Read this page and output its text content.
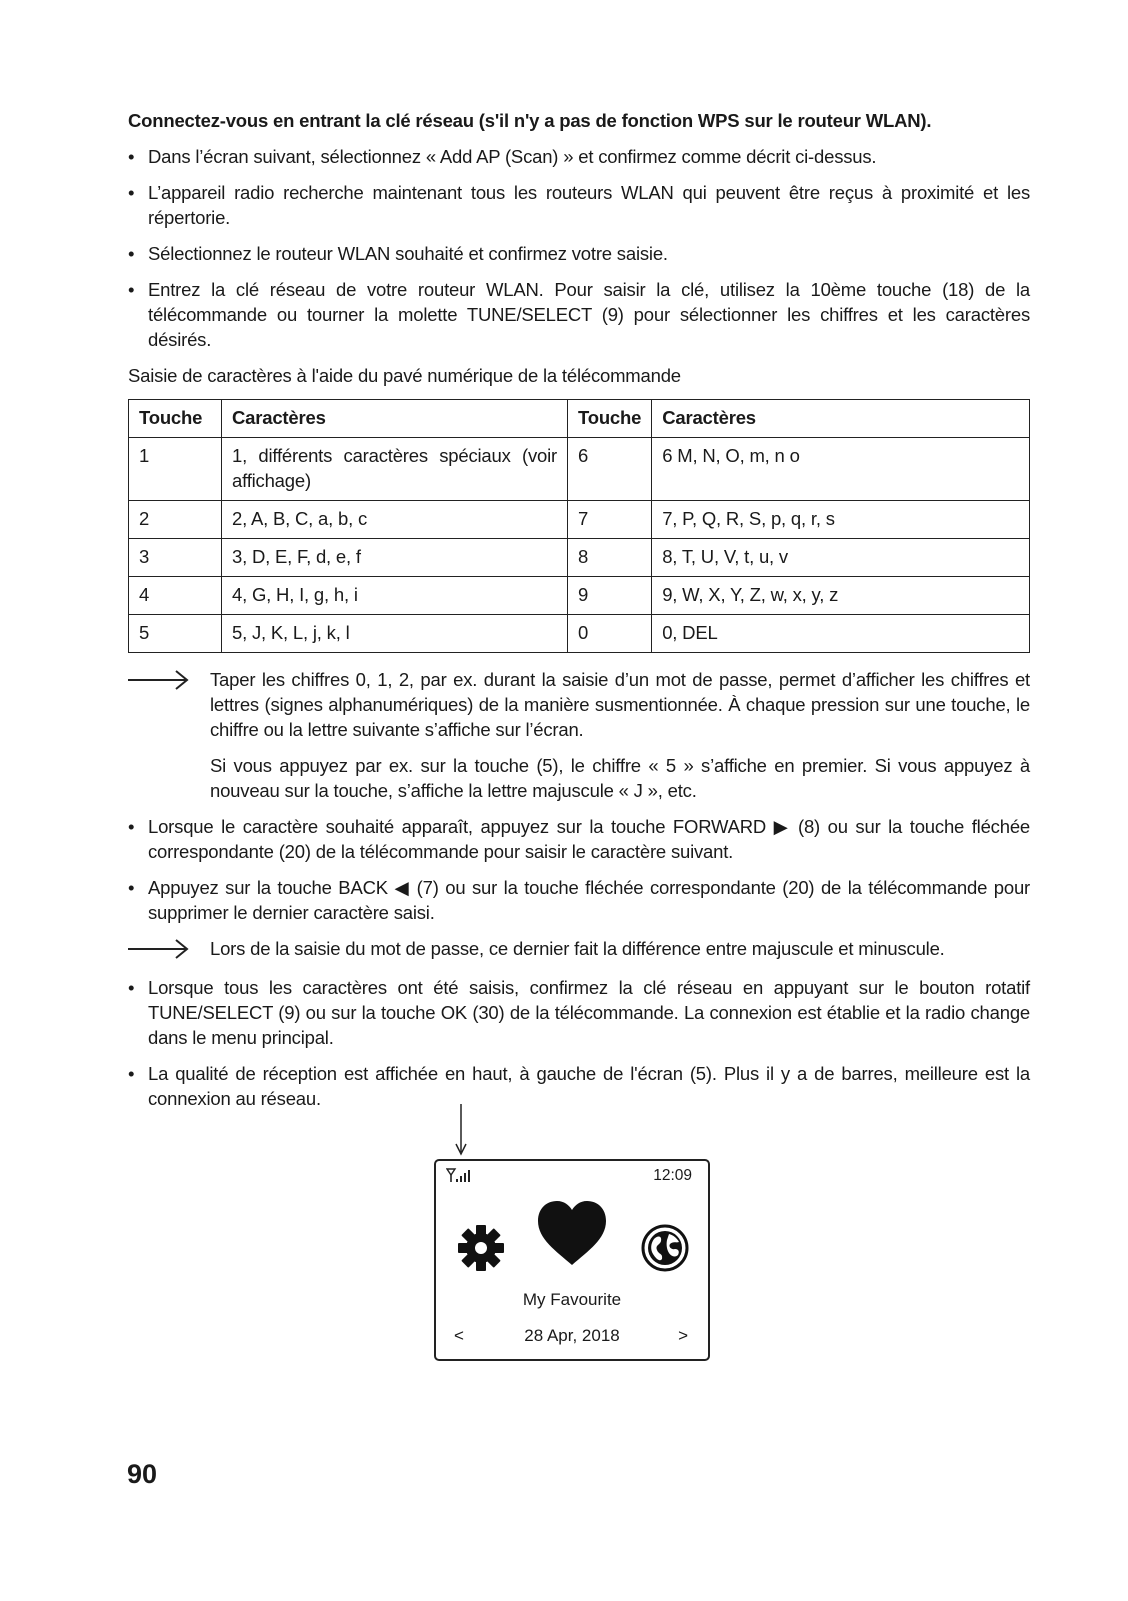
Connectez-vous en entrant la clé réseau (s'il n'y a pas de fonction WPS sur le routeur WLAN).

• Dans l’écran suivant, sélectionnez « Add AP (Scan) » et confirmez comme décrit ci-dessus.

• L’appareil radio recherche maintenant tous les routeurs WLAN qui peuvent être reçus à proximité et les répertorie.

• Sélectionnez le routeur WLAN souhaité et confirmez votre saisie.

• Entrez la clé réseau de votre routeur WLAN. Pour saisir la clé, utilisez la 10ème touche (18) de la télécommande ou tourner la molette TUNE/SELECT (9) pour sélectionner les chiffres et les caractères désirés.

Saisie de caractères à l'aide du pavé numérique de la télécommande

Touche	Caractères	Touche	Caractères
1	1, différents caractères spéciaux (voir affichage)	6	6 M, N, O, m, n o
2	2, A, B, C, a, b, c	7	7, P, Q, R, S, p, q, r, s
3	3, D, E, F, d, e, f	8	8, T, U, V, t, u, v
4	4, G, H, I, g, h, i	9	9, W, X, Y, Z, w, x, y, z
5	5, J, K, L, j, k, l	0	0, DEL

Taper les chiffres 0, 1, 2, par ex. durant la saisie d’un mot de passe, permet d’afficher les chiffres et lettres (signes alphanumériques) de la manière susmentionnée. À chaque pression sur une touche, le chiffre ou la lettre suivante s’affiche sur l’écran.

Si vous appuyez par ex. sur la touche (5), le chiffre « 5 » s’affiche en premier. Si vous appuyez à nouveau sur la touche, s’affiche la lettre majuscule « J », etc.

• Lorsque le caractère souhaité apparaît, appuyez sur la touche FORWARD ▶ (8) ou sur la touche fléchée correspondante (20) de la télécommande pour saisir le caractère suivant.

• Appuyez sur la touche BACK ◀ (7) ou sur la touche fléchée correspondante (20) de la télécommande pour supprimer le dernier caractère saisi.

Lors de la saisie du mot de passe, ce dernier fait la différence entre majuscule et minuscule.

• Lorsque tous les caractères ont été saisis, confirmez la clé réseau en appuyant sur le bouton rotatif TUNE/SELECT (9) ou sur la touche OK (30) de la télécommande. La connexion est établie et la radio change dans le menu principal.

• La qualité de réception est affichée en haut, à gauche de l'écran (5). Plus il y a de barres, meilleure est la connexion au réseau.

12:09
My Favourite
<	28 Apr, 2018	>
90
